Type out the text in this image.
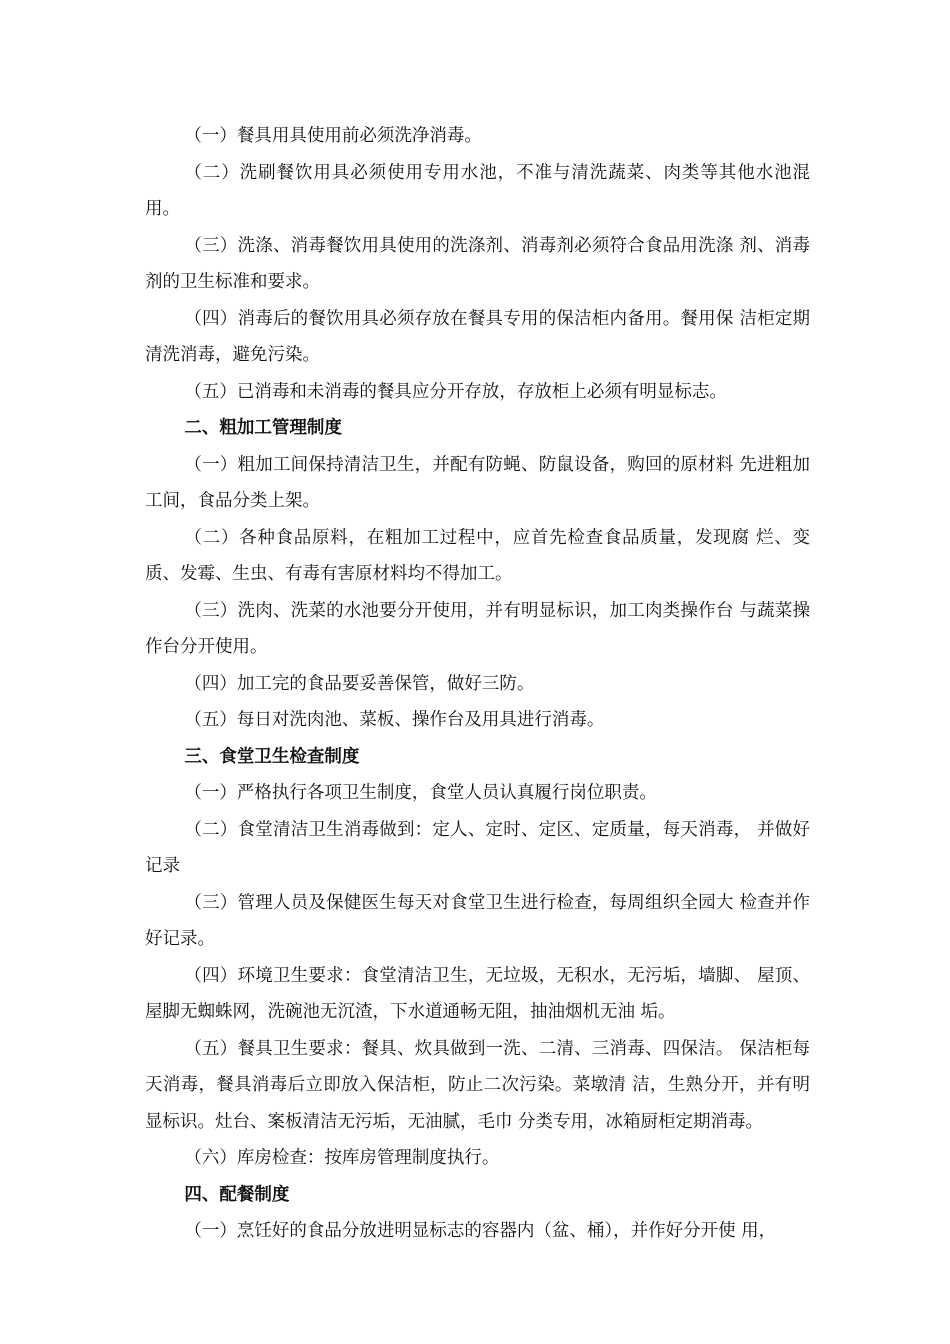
（一）餐具用具使用前必须洗净消毒。

（二）洗刷餐饮用具必须使用专用水池，不准与清洗蔬菜、肉类等其他水池混用。

（三）洗涤、消毒餐饮用具使用的洗涤剂、消毒剂必须符合食品用洗涤 剂、消毒剂的卫生标准和要求。

（四）消毒后的餐饮用具必须存放在餐具专用的保洁柜内备用。餐用保 洁柜定期清洗消毒，避免污染。

（五）已消毒和未消毒的餐具应分开存放，存放柜上必须有明显标志。

二、粗加工管理制度

（一）粗加工间保持清洁卫生，并配有防蝇、防鼠设备，购回的原材料 先进粗加工间，食品分类上架。

（二）各种食品原料，在粗加工过程中，应首先检查食品质量，发现腐 烂、变质、发霉、生虫、有毒有害原材料均不得加工。

（三）洗肉、洗菜的水池要分开使用，并有明显标识，加工肉类操作台 与蔬菜操作台分开使用。

（四）加工完的食品要妥善保管，做好三防。

（五）每日对洗肉池、菜板、操作台及用具进行消毒。

三、食堂卫生检查制度

（一）严格执行各项卫生制度，食堂人员认真履行岗位职责。

（二）食堂清洁卫生消毒做到：定人、定时、定区、定质量，每天消毒， 并做好记录

（三）管理人员及保健医生每天对食堂卫生进行检查，每周组织全园大 检查并作好记录。

（四）环境卫生要求：食堂清洁卫生，无垃圾，无积水，无污垢，墙脚、 屋顶、屋脚无蜘蛛网，洗碗池无沉渣，下水道通畅无阻，抽油烟机无油 垢。

（五）餐具卫生要求：餐具、炊具做到一洗、二清、三消毒、四保洁。 保洁柜每天消毒，餐具消毒后立即放入保洁柜，防止二次污染。菜墩清 洁，生熟分开，并有明显标识。灶台、案板清洁无污垢，无油腻，毛巾 分类专用，冰箱厨柜定期消毒。

（六）库房检查：按库房管理制度执行。

四、配餐制度

（一）烹饪好的食品分放进明显标志的容器内（盆、桶），并作好分开使 用，
